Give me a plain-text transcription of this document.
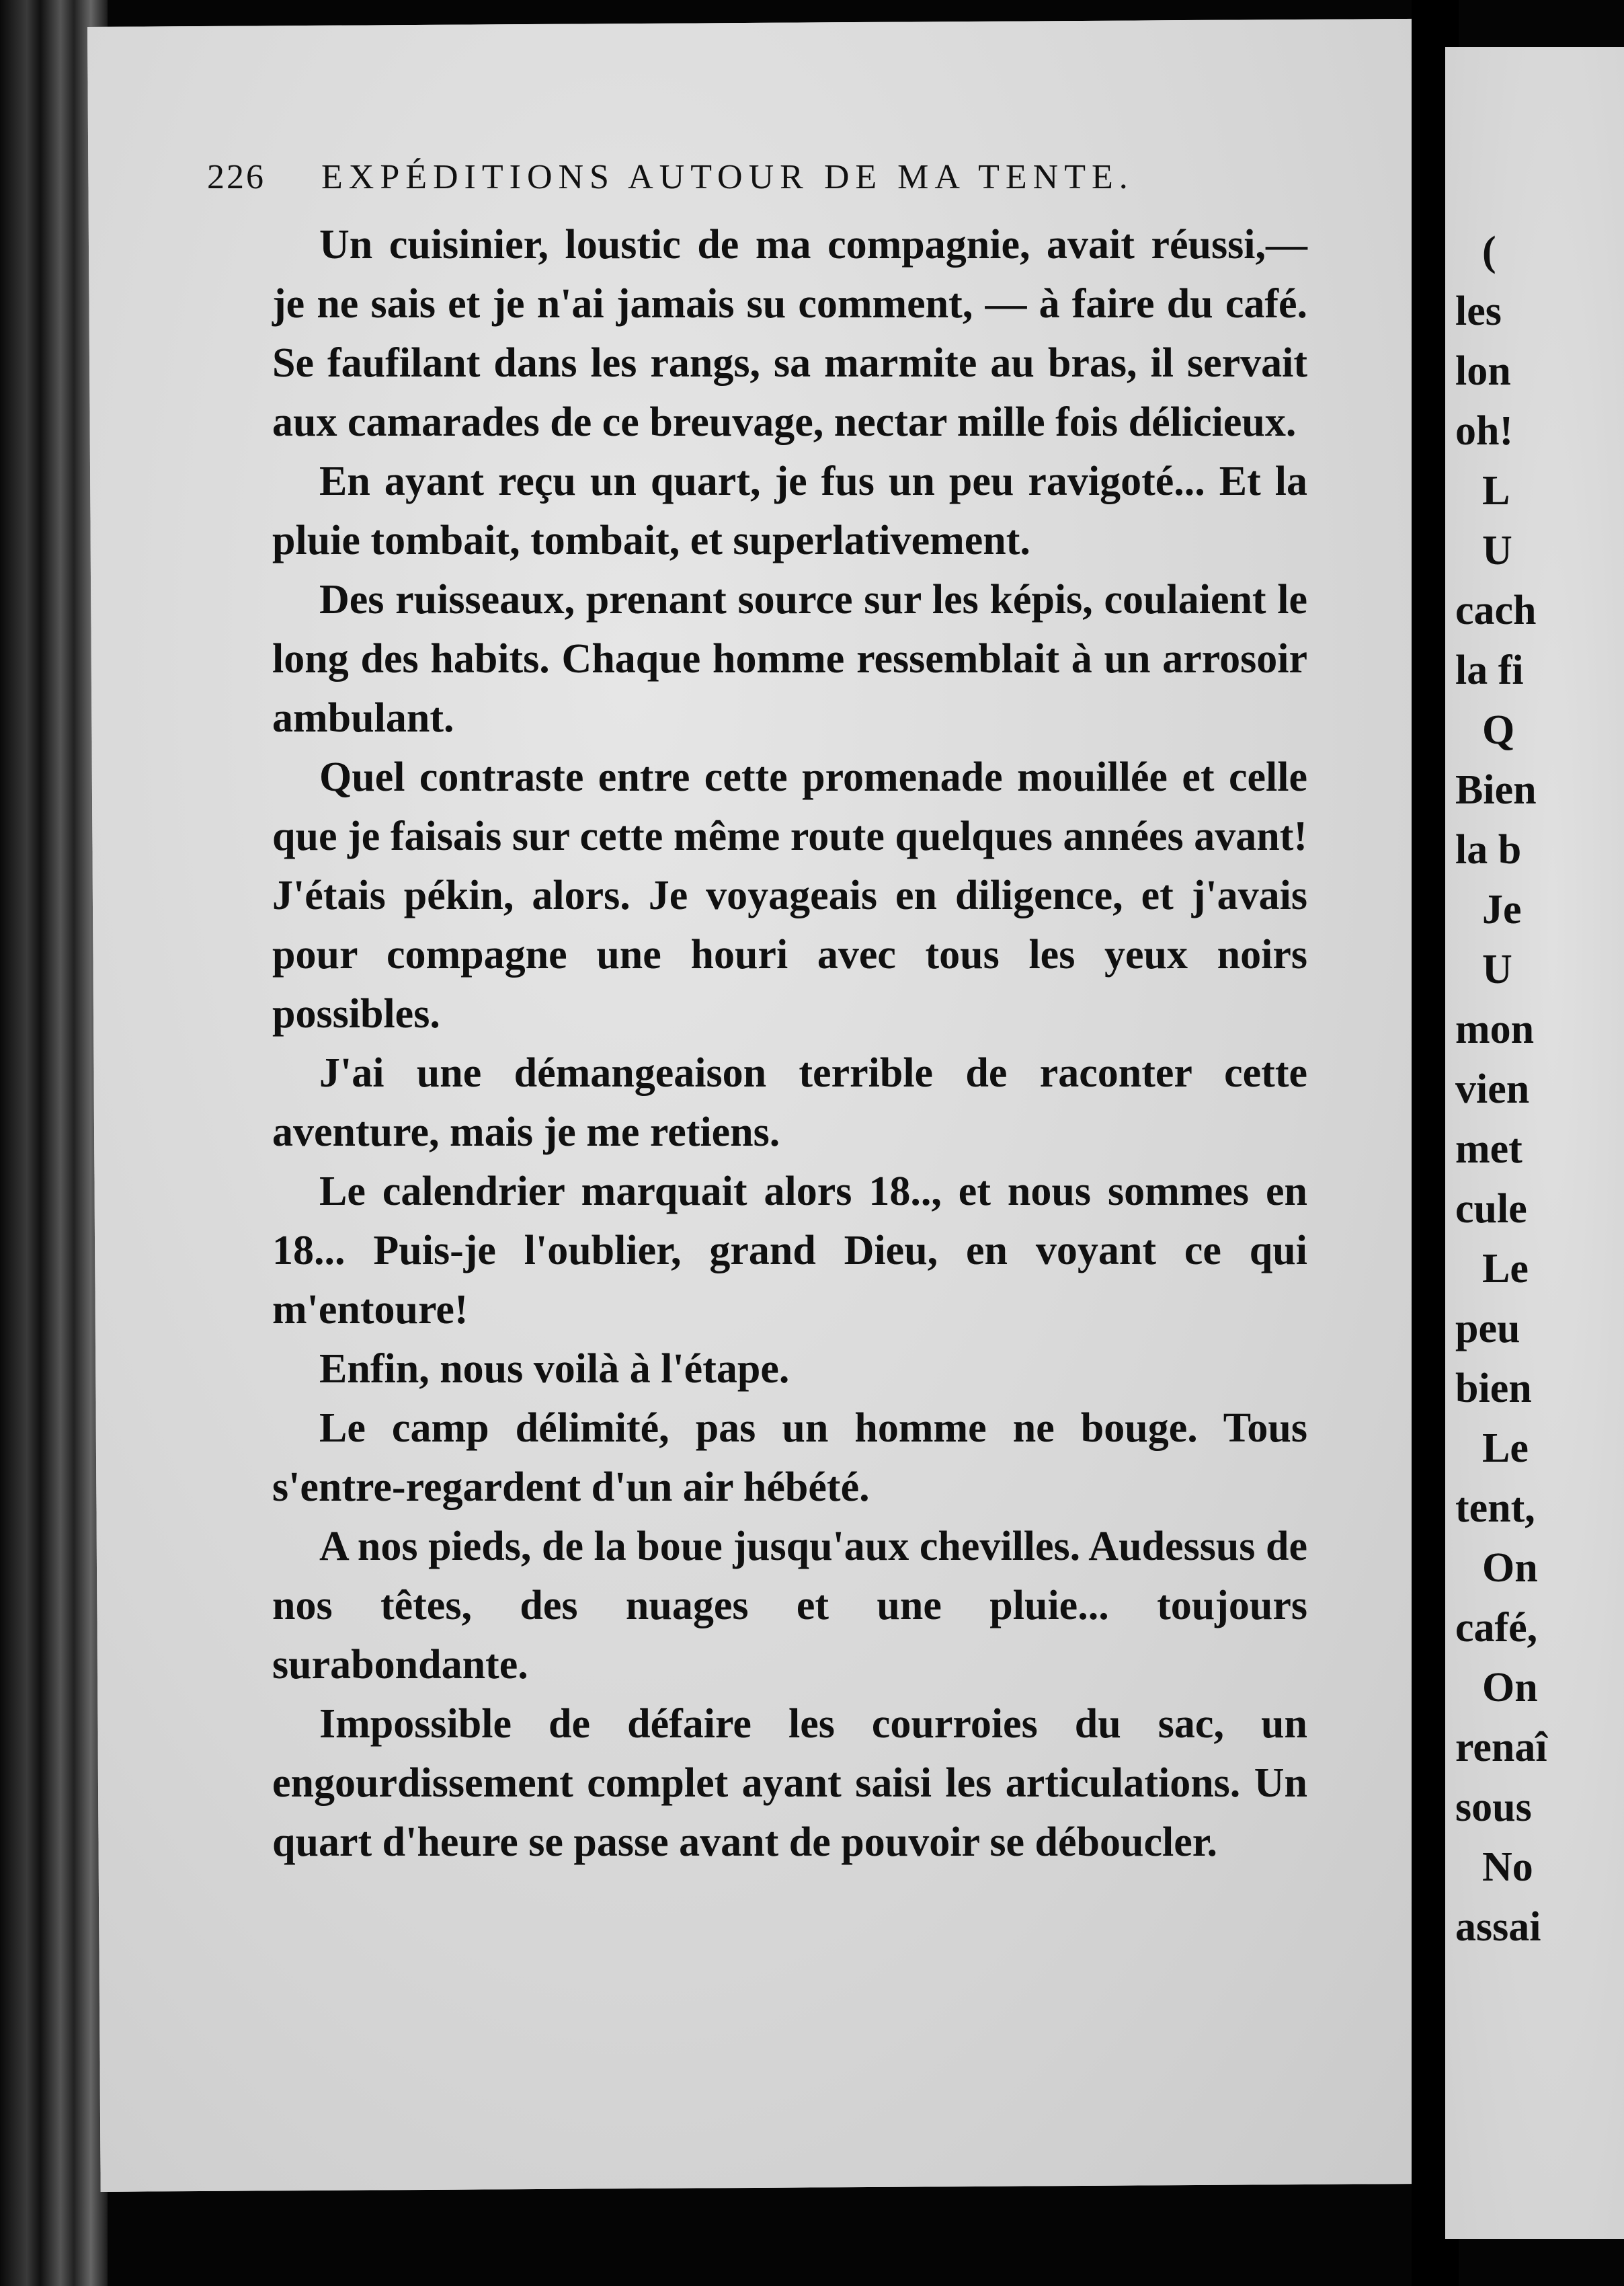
226 EXPÉDITIONS AUTOUR DE MA TENTE.

Un cuisinier, loustic de ma compagnie, avait réussi,— je ne sais et je n'ai jamais su comment, — à faire du café. Se faufilant dans les rangs, sa marmite au bras, il servait aux camarades de ce breuvage, nectar mille fois délicieux.

En ayant reçu un quart, je fus un peu ravigoté... Et la pluie tombait, tombait, et superlativement.

Des ruisseaux, prenant source sur les képis, coulaient le long des habits. Chaque homme ressemblait à un arrosoir ambulant.

Quel contraste entre cette promenade mouillée et celle que je faisais sur cette même route quelques années avant! J'étais pékin, alors. Je voyageais en diligence, et j'avais pour compagne une houri avec tous les yeux noirs possibles.

J'ai une démangeaison terrible de raconter cette aventure, mais je me retiens.

Le calendrier marquait alors 18.., et nous sommes en 18... Puis-je l'oublier, grand Dieu, en voyant ce qui m'entoure!

Enfin, nous voilà à l'étape.

Le camp délimité, pas un homme ne bouge. Tous s'entre-regardent d'un air hébété.

A nos pieds, de la boue jusqu'aux chevilles. Audessus de nos têtes, des nuages et une pluie... toujours surabondante.

Impossible de défaire les courroies du sac, un engourdissement complet ayant saisi les articulations. Un quart d'heure se passe avant de pouvoir se déboucler.

(
les
lon
oh!
L
U
cach
la fi
Q
Bien
la b
Je
U
mon
vien
met
cule
Le
peu
bien
Le
tent,
On
café,
On
renaî
sous
No
assai
